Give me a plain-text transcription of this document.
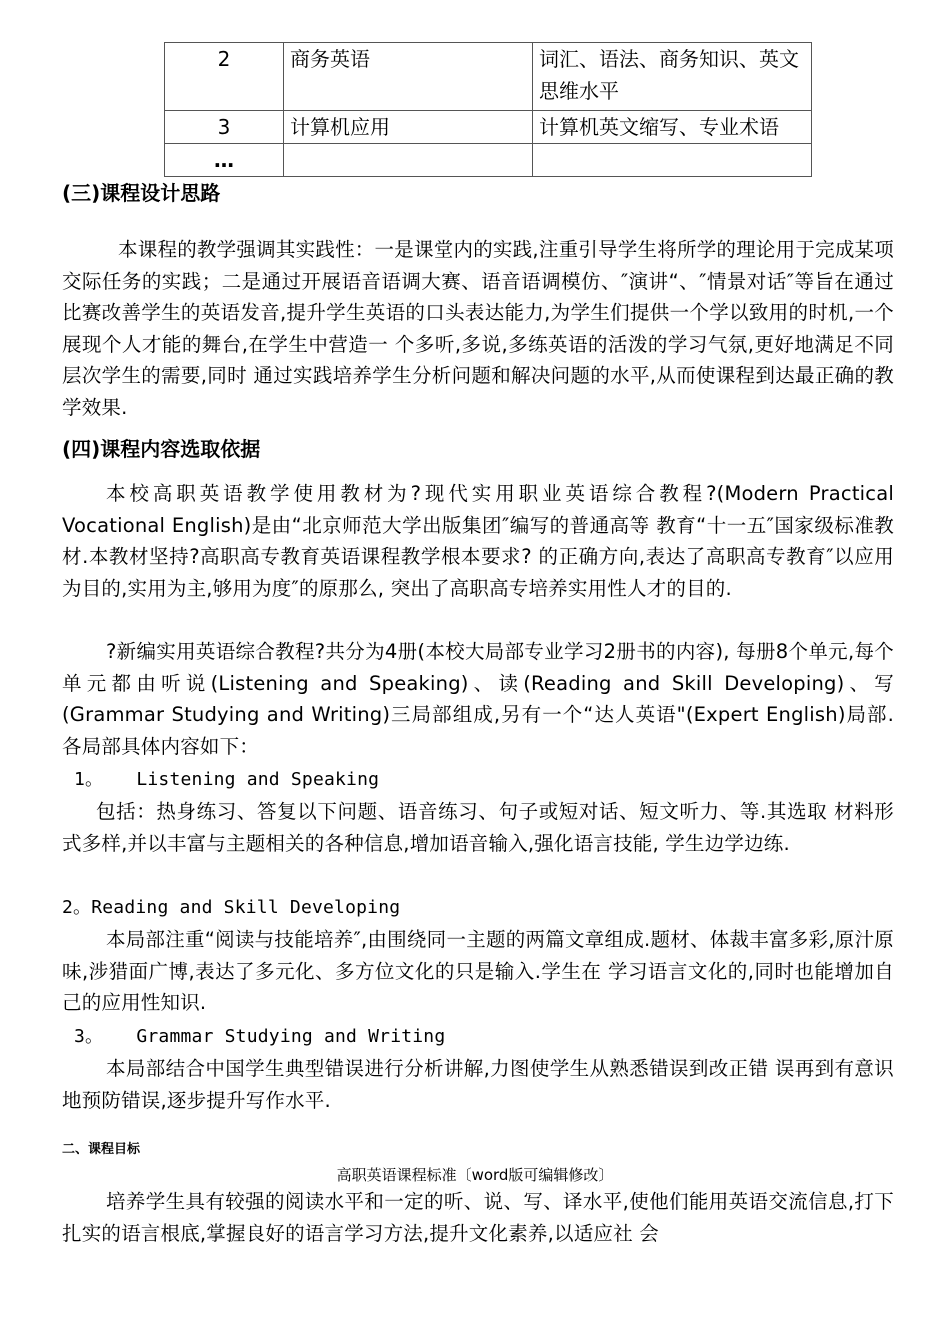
2	商务英语	词汇、语法、商务知识、英文思维水平
3	计算机应用	计算机英文缩写、专业术语
…		
(三)课程设计思路
本课程的教学强调其实践性：一是课堂内的实践,注重引导学生将所学的理论用于完成某项交际任务的实践；二是通过开展语音语调大赛、语音语调模仿、″演讲“、″情景对话″等旨在通过比赛改善学生的英语发音,提升学生英语的口头表达能力,为学生们提供一个学以致用的时机,一个展现个人才能的舞台,在学生中营造一 个多听,多说,多练英语的活泼的学习气氛,更好地满足不同层次学生的需要,同时 通过实践培养学生分析问题和解决问题的水平,从而使课程到达最正确的教学效果.
(四)课程内容选取依据
本校高职英语教学使用教材为?现代实用职业英语综合教程?(Modern Practical Vocational English)是由“北京师范大学出版集团″编写的普通高等 教育“十一五″国家级标准教材.本教材坚持?高职高专教育英语课程教学根本要求? 的正确方向,表达了高职高专教育″以应用为目的,实用为主,够用为度″的原那么, 突出了高职高专培养实用性人才的目的.
?新编实用英语综合教程?共分为4册(本校大局部专业学习2册书的内容), 每册8个单元,每个单元都由听说(Listening and Speaking)、读(Reading and Skill Developing)、写(Grammar Studying and Writing)三局部组成,另有一个“达人英语"(Expert English)局部.各局部具体内容如下：
1。   Listening and Speaking
包括：热身练习、答复以下问题、语音练习、句子或短对话、短文听力、等.其选取 材料形式多样,并以丰富与主题相关的各种信息,增加语音输入,强化语言技能, 学生边学边练.
2。Reading and Skill Developing
本局部注重“阅读与技能培养″,由围绕同一主题的两篇文章组成.题材、体裁丰富多彩,原汁原味,涉猎面广博,表达了多元化、多方位文化的只是输入.学生在 学习语言文化的,同时也能增加自己的应用性知识.
3。   Grammar Studying and Writing
本局部结合中国学生典型错误进行分析讲解,力图使学生从熟悉错误到改正错 误再到有意识地预防错误,逐步提升写作水平.
二、课程目标
高职英语课程标准〔word版可编辑修改〕
培养学生具有较强的阅读水平和一定的听、说、写、译水平,使他们能用英语交流信息,打下扎实的语言根底,掌握良好的语言学习方法,提升文化素养,以适应社 会
